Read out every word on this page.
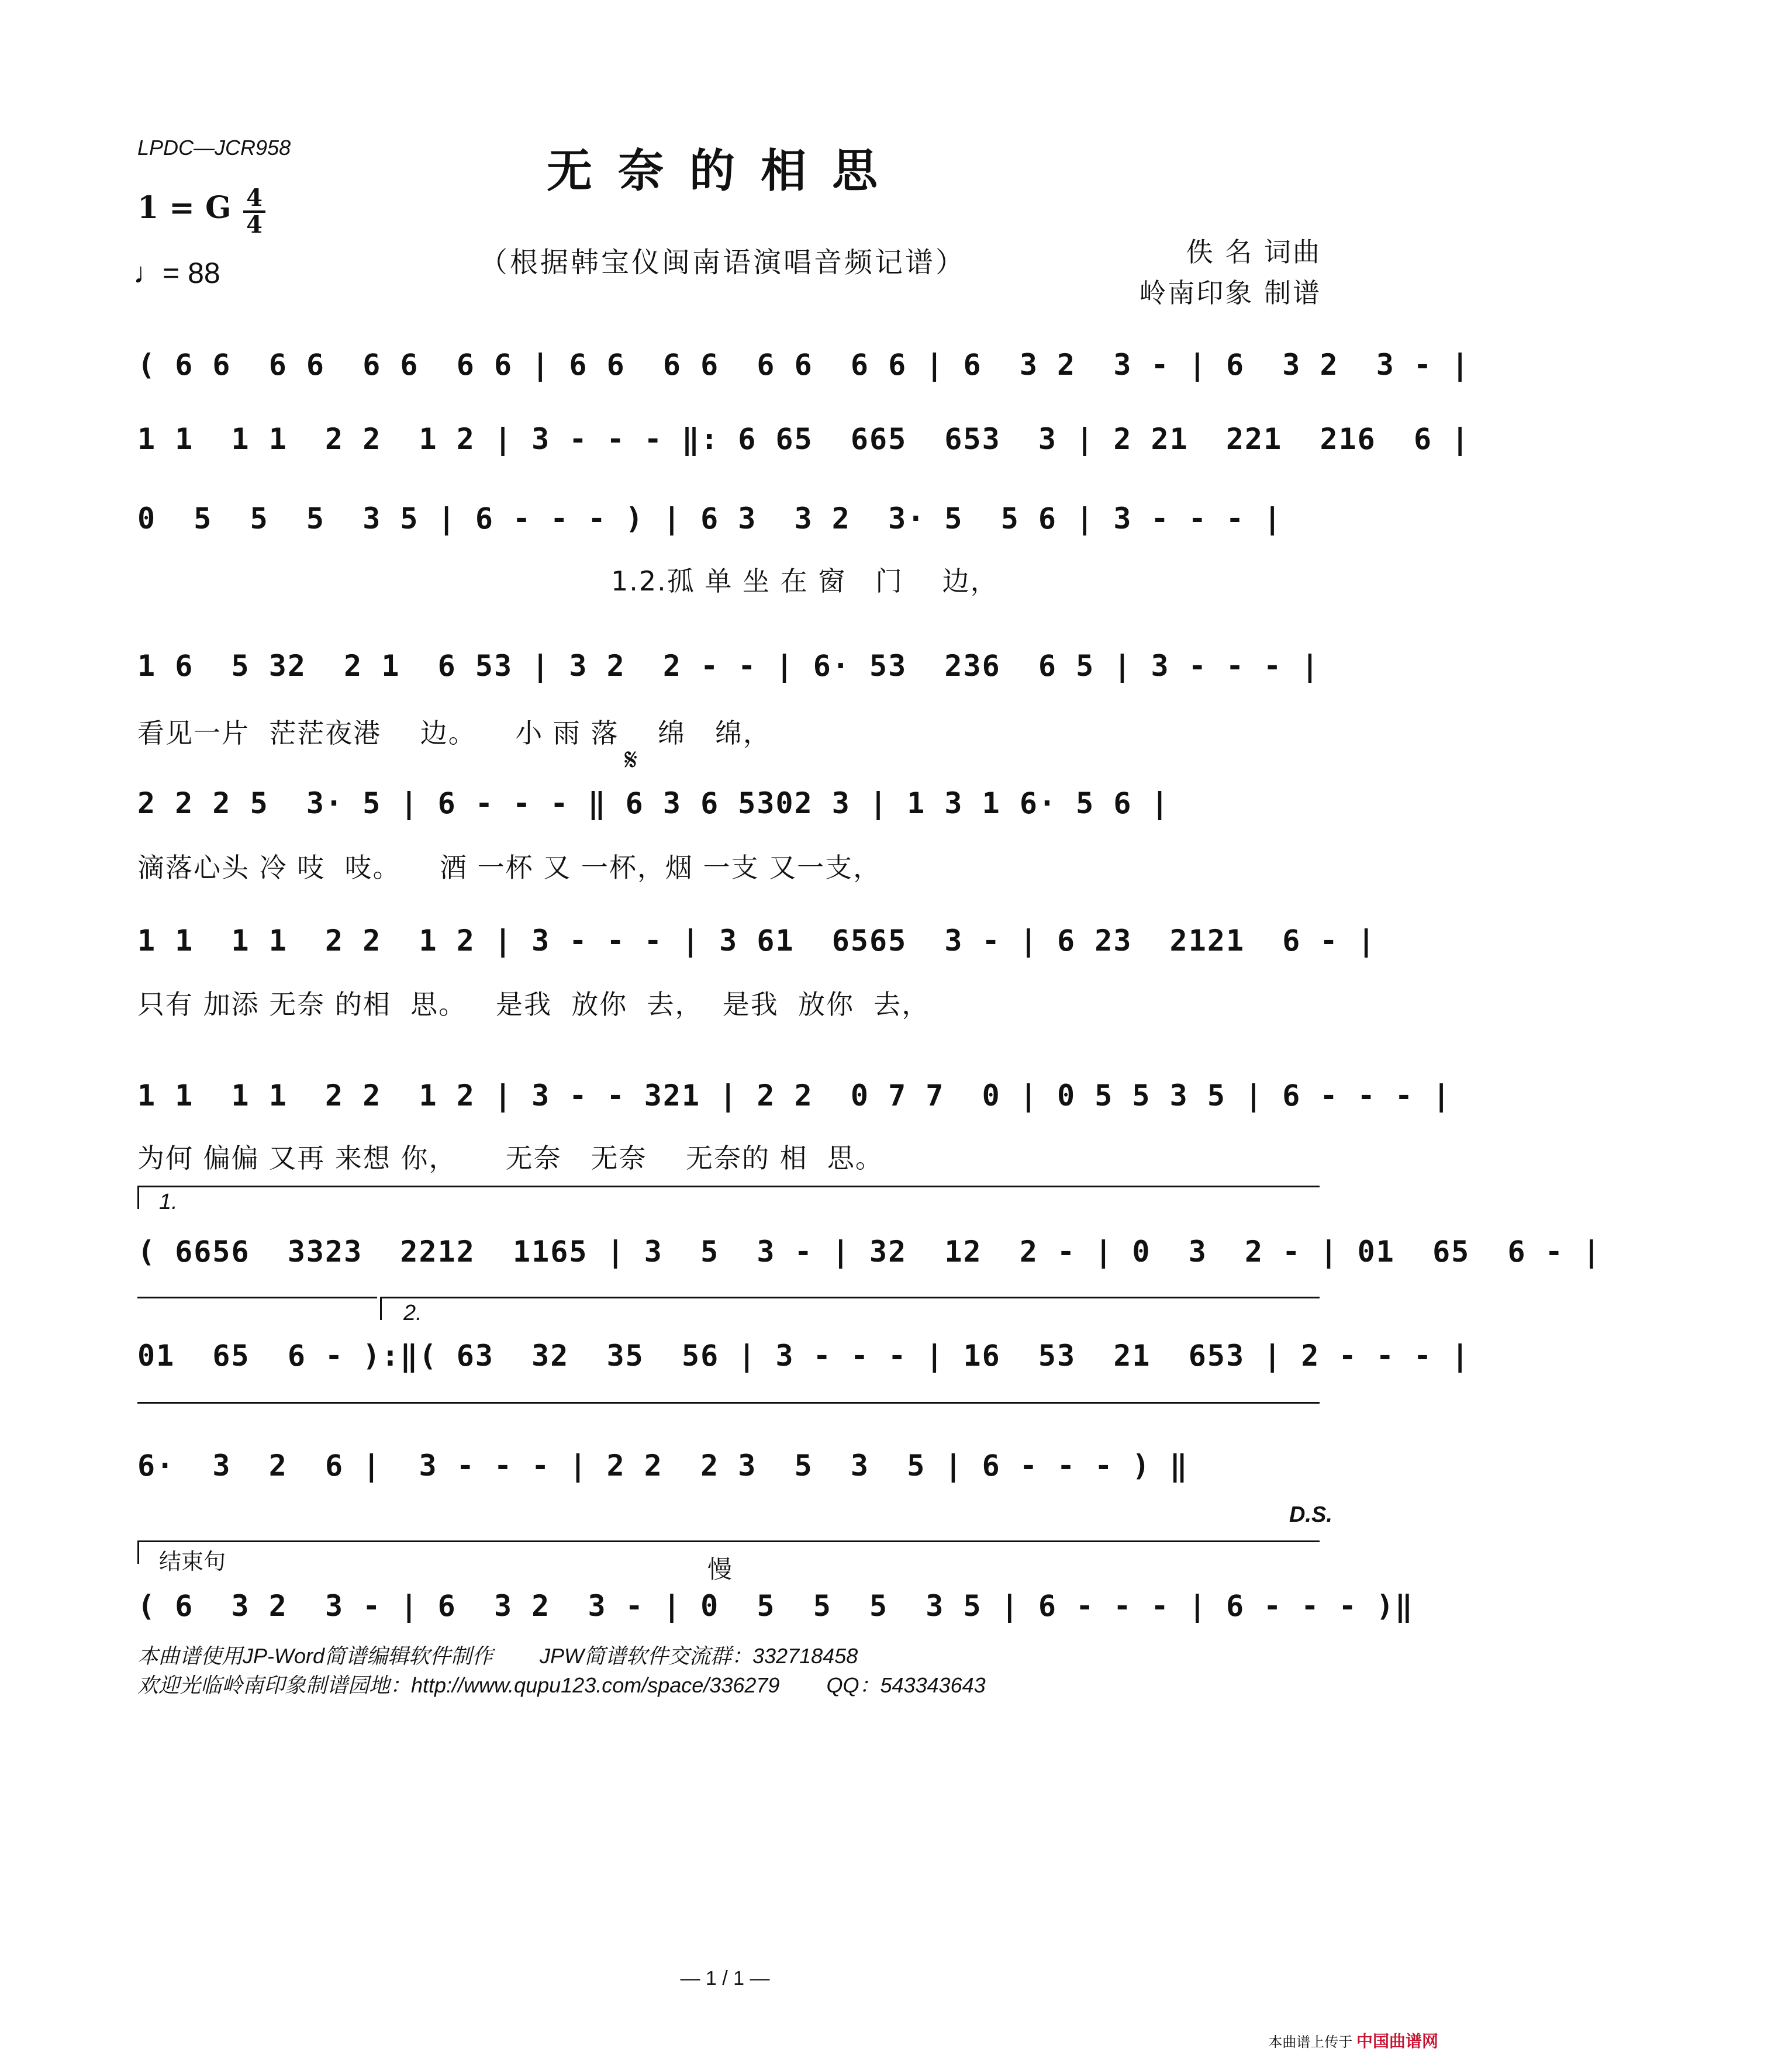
LPDC—JCR958	无奈的相思
1 = G 4
4
♩= 88	（根据韩宝仪闽南语演唱音频记谱）	佚 名 词曲
岭南印象 制谱
( 6 6  6 6  6 6  6 6 | 6 6  6 6  6 6  6 6 | 6  3 2  3 - | 6  3 2  3 - |
1 1  1 1  2 2  1 2 | 3 - - - ‖: 6 65  665  653  3 | 2 21  221  216  6 |
0  5  5  5  3 5 | 6 - - - ) | 6 3  3 2  3· 5  5 6 | 3 - - - |
1.2.孤 单 坐 在 窗   门    边，
1 6  5 32  2 1  6 53 | 3 2  2 - - | 6· 53  236  6 5 | 3 - - - |
看见一片  茫茫夜港    边。    小 雨 落    绵   绵，
𝄋
2 2 2 5  3· 5 | 6 - - - ‖ 6 3 6 5302 3 | 1 3 1 6· 5 6 |
滴落心头 冷 吱  吱。    酒 一杯 又 一杯，烟 一支 又一支，
1 1  1 1  2 2  1 2 | 3 - - - | 3 61  6565  3 - | 6 23  2121  6 - |
只有 加添 无奈 的相  思。   是我  放你  去，  是我  放你  去，
1 1  1 1  2 2  1 2 | 3 - - 321 | 2 2  0 7 7  0 | 0 5 5 3 5 | 6 - - - |
为何 偏偏 又再 来想 你，     无奈   无奈    无奈的 相  思。
1.
( 6656  3323  2212  1165 | 3  5  3 - | 32  12  2 - | 0  3  2 - | 01  65  6 - |
2.
01  65  6 - ):‖( 63  32  35  56 | 3 - - - | 16  53  21  653 | 2 - - - |
6·  3  2  6 |  3 - - - | 2 2  2 3  5  3  5 | 6 - - - ) ‖
D.S.
结束句	慢
( 6  3 2  3 - | 6  3 2  3 - | 0  5  5  5  3 5 | 6 - - - | 6 - - - )‖
本曲谱使用JP-Word简谱编辑软件制作        JPW简谱软件交流群：332718458
欢迎光临岭南印象制谱园地：http://www.qupu123.com/space/336279        QQ：543343643
— 1 / 1 —
本曲谱上传于 中国曲谱网
